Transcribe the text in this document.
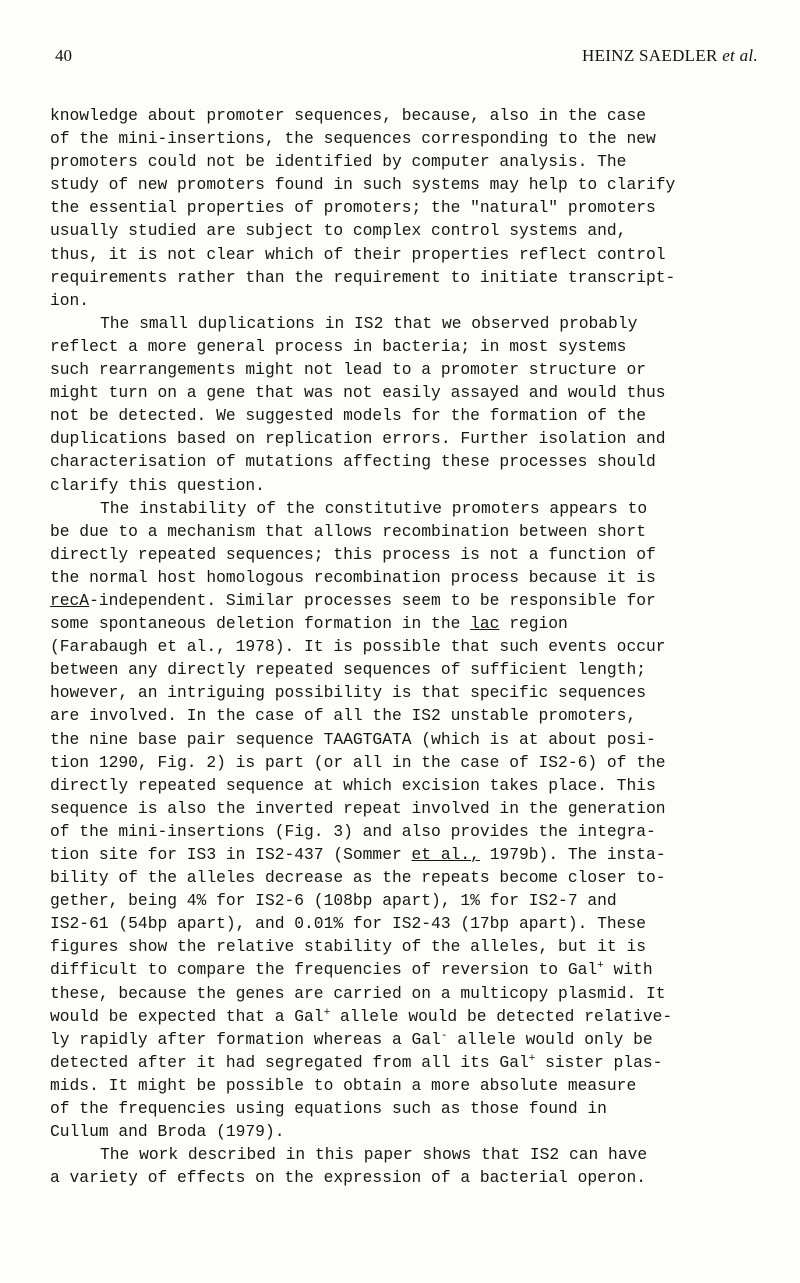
40	HEINZ SAEDLER et al.
knowledge about promoter sequences, because, also in the case
of the mini-insertions, the sequences corresponding to the new
promoters could not be identified by computer analysis. The
study of new promoters found in such systems may help to clarify
the essential properties of promoters; the "natural" promoters
usually studied are subject to complex control systems and,
thus, it is not clear which of their properties reflect control
requirements rather than the requirement to initiate transcript-
ion.
The small duplications in IS2 that we observed probably
reflect a more general process in bacteria; in most systems
such rearrangements might not lead to a promoter structure or
might turn on a gene that was not easily assayed and would thus
not be detected. We suggested models for the formation of the
duplications based on replication errors. Further isolation and
characterisation of mutations affecting these processes should
clarify this question.
The instability of the constitutive promoters appears to
be due to a mechanism that allows recombination between short
directly repeated sequences; this process is not a function of
the normal host homologous recombination process because it is
recA-independent. Similar processes seem to be responsible for
some spontaneous deletion formation in the lac region
(Farabaugh et al., 1978). It is possible that such events occur
between any directly repeated sequences of sufficient length;
however, an intriguing possibility is that specific sequences
are involved. In the case of all the IS2 unstable promoters,
the nine base pair sequence TAAGTGATA (which is at about posi-
tion 1290, Fig. 2) is part (or all in the case of IS2-6) of the
directly repeated sequence at which excision takes place. This
sequence is also the inverted repeat involved in the generation
of the mini-insertions (Fig. 3) and also provides the integra-
tion site for IS3 in IS2-437 (Sommer et al., 1979b). The insta-
bility of the alleles decrease as the repeats become closer to-
gether, being 4% for IS2-6 (108bp apart), 1% for IS2-7 and
IS2-61 (54bp apart), and 0.01% for IS2-43 (17bp apart). These
figures show the relative stability of the alleles, but it is
difficult to compare the frequencies of reversion to Gal+ with
these, because the genes are carried on a multicopy plasmid. It
would be expected that a Gal+ allele would be detected relative-
ly rapidly after formation whereas a Gal- allele would only be
detected after it had segregated from all its Gal+ sister plas-
mids. It might be possible to obtain a more absolute measure
of the frequencies using equations such as those found in
Cullum and Broda (1979).
The work described in this paper shows that IS2 can have
a variety of effects on the expression of a bacterial operon.
